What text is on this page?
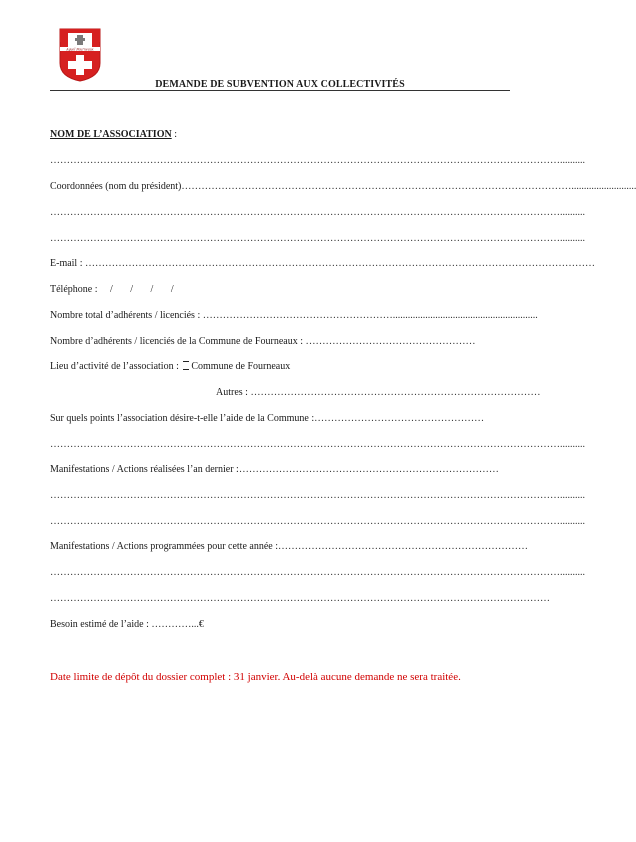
Ayuel Fourneaux
DEMANDE DE SUBVENTION AUX COLLECTIVITÉS
NOM DE L’ASSOCIATION :
………………………………………………………………………………………………………………………………………..........
Coordonnées (nom du président)………………………………………………………………………………………………………..........................
………………………………………………………………………………………………………………………………………..........
………………………………………………………………………………………………………………………………………..........
E-mail : ………………………………………………………………………………………………………………………………………
Téléphone : /       /       /       /
Nombre total d’adhérents / licenciés : …………………………………………………..........................................................
Nombre d’adhérents / licenciés de la Commune de Fourneaux : ……………………………………………
Lieu d’activité de l’association : Commune de Fourneaux
Autres : ……………………………………………………………………………
Sur quels points l’association désire-t-elle l’aide de la Commune :……………………………………………
………………………………………………………………………………………………………………………………………..........
Manifestations / Actions réalisées l’an dernier :……………………………………………………………………
………………………………………………………………………………………………………………………………………..........
………………………………………………………………………………………………………………………………………..........
Manifestations / Actions programmées pour cette année :…………………………………………………………………
………………………………………………………………………………………………………………………………………..........
……………………………………………………………………………………………………………………………………
Besoin estimé de l’aide : …………...€
Date limite de dépôt du dossier complet : 31 janvier. Au-delà aucune demande ne sera traitée.
